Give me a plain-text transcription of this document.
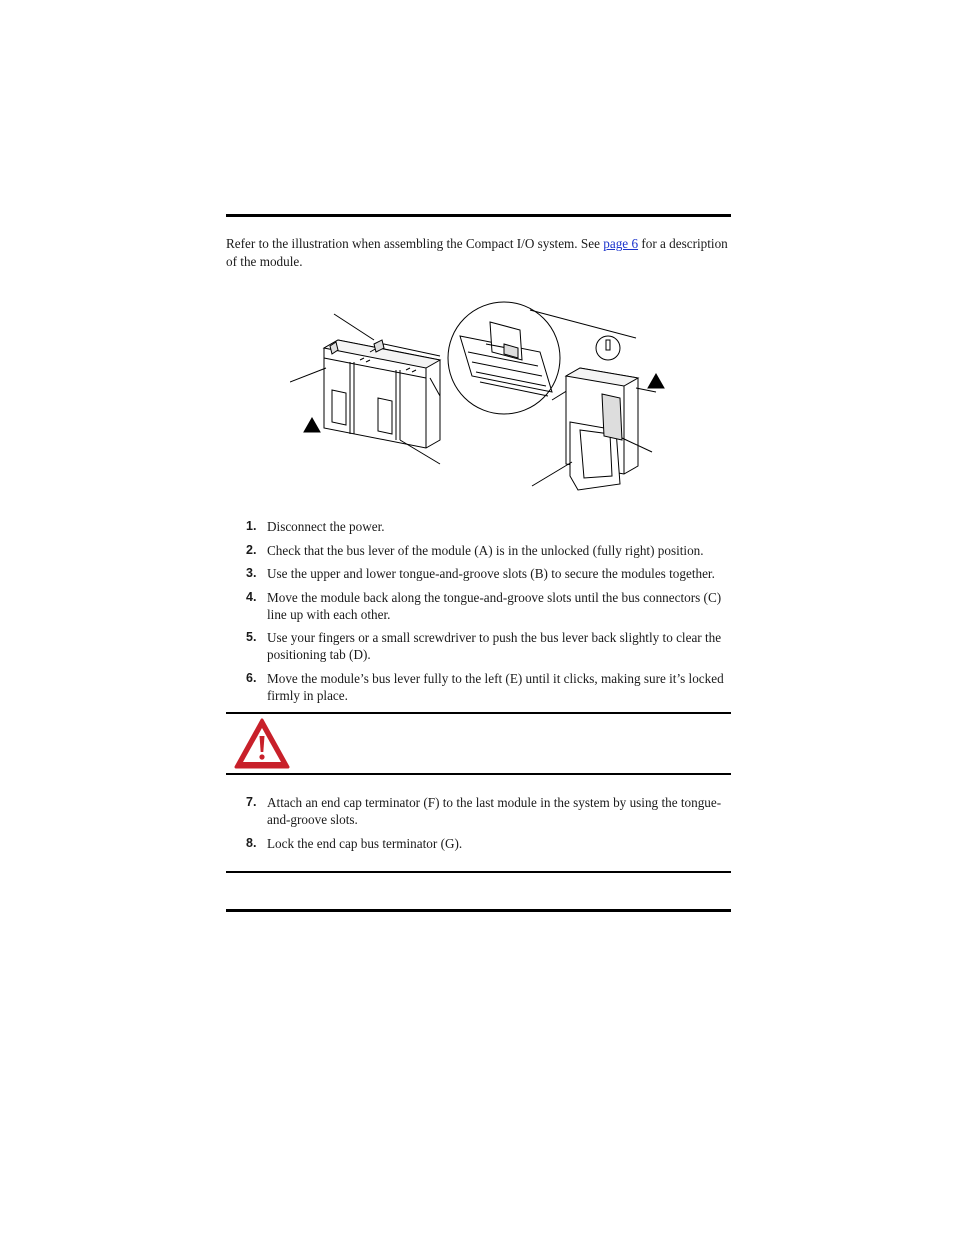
Refer to the illustration when assembling the Compact I/O system. See page 6 for a description of the module.

1. Disconnect the power.
2. Check that the bus lever of the module (A) is in the unlocked (fully right) position.
3. Use the upper and lower tongue-and-groove slots (B) to secure the modules together.
4. Move the module back along the tongue-and-groove slots until the bus connectors (C) line up with each other.
5. Use your fingers or a small screwdriver to push the bus lever back slightly to clear the positioning tab (D).
6. Move the module’s bus lever fully to the left (E) until it clicks, making sure it’s locked firmly in place.
7. Attach an end cap terminator (F) to the last module in the system by using the tongue-and-groove slots.
8. Lock the end cap bus terminator (G).
